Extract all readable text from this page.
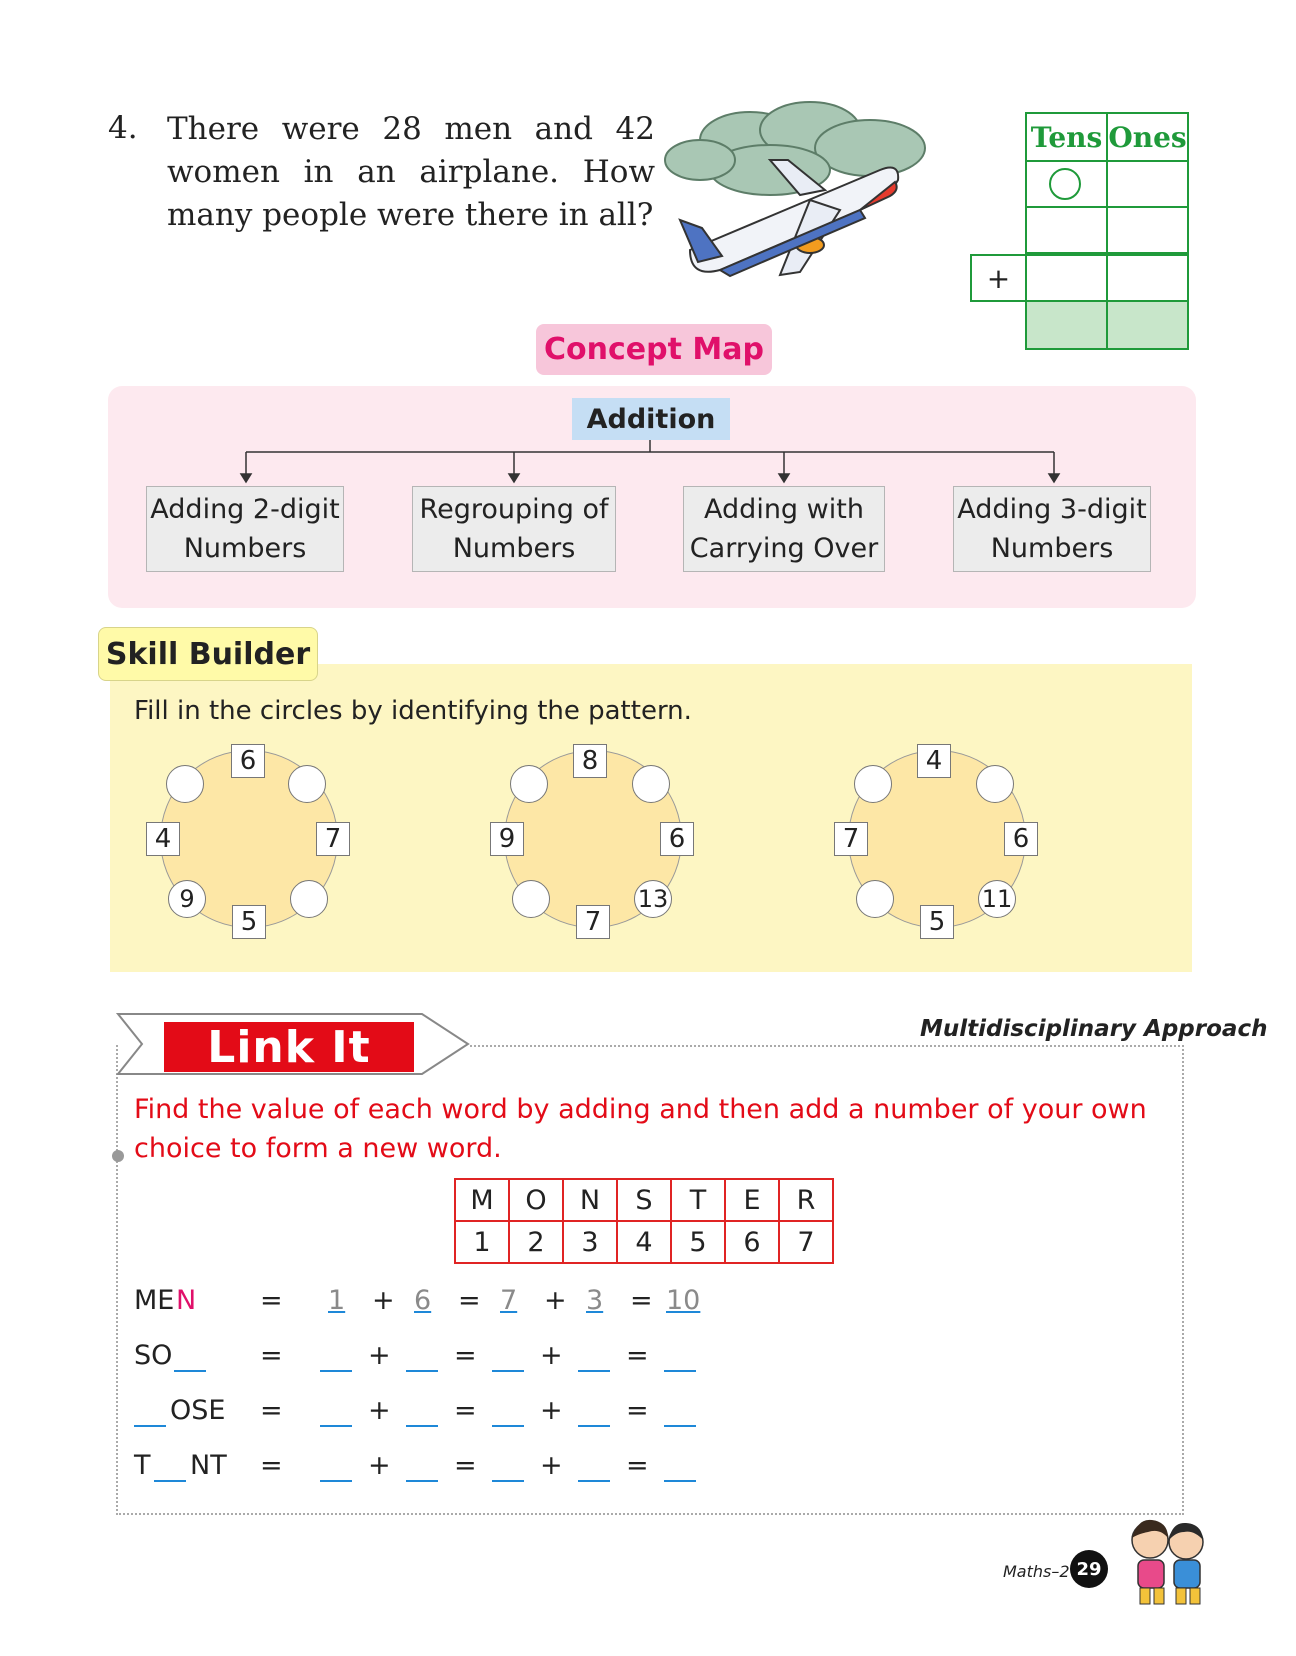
4. There were 28 men and 42 women in an airplane. How many people were there in all?
Tens Ones
+
Concept Map
Addition
Adding 2-digit Numbers
Regrouping of Numbers
Adding with Carrying Over
Adding 3-digit Numbers
Skill Builder
Fill in the circles by identifying the pattern.
6
4	7
5
9
8
9	6
7
13
4
7	6
5
11
Link It	Multidisciplinary Approach
Find the value of each word by adding and then add a number of your own choice to form a new word.
M	O	N	S	T	E	R
1	2	3	4	5	6	7
ME N = 1 + 6 = 7 + 3 = 10
SO	=	+ = + =
OSE =	+ = + =
T NT =	+ = + =
Maths–2 29
